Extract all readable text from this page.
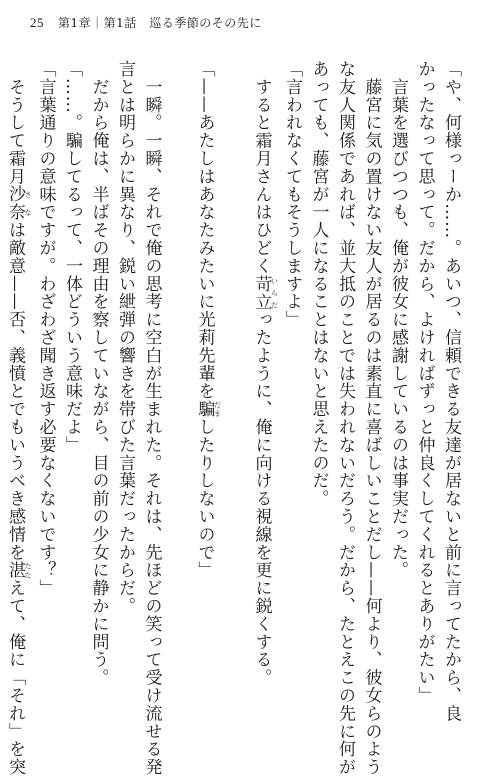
25 第1章｜第1話　巡る季節のその先に

「や、何様っーか……。あいつ、信頼できる友達が居ないと前に言ってたから、良

かったなって思って。だから、よければずっと仲良くしてくれるとありがたい」

　言葉を選びつつも、俺が彼女に感謝しているのは事実だった。

　藤宮に気の置けない友人が居るのは素直に喜ばしいことだし——何より、彼女らのよう

な友人関係であれば、並大抵のことでは失われないだろう。だから、たとえこの先に何が

あっても、藤宮が一人になることはないと思えたのだ。

「言われなくてもそうしますよ」

　すると霜月さんはひどく苛立 いらだったように、俺に向ける視線を更に鋭くする。

「——あたしはあなたみたいに光莉先輩を騙 だましたりしないので」

　一瞬。一瞬、それで俺の思考に空白が生まれた。それは、先ほどの笑って受け流せる発

言とは明らかに異なり、鋭い紲弾の響きを帯びた言葉だったからだ。

　だから俺は、半ばその理由を察していながら、目の前の少女に静かに問う。

「……。騙してるって、一体どういう意味だよ」

「言葉通りの意味ですが。わざわざ聞き返す必要なくないです？」

　そうして霜月沙奈 さなは敵意——否、義憤とでもいうべき感情を湛 たたえて、俺に「それ」を突
